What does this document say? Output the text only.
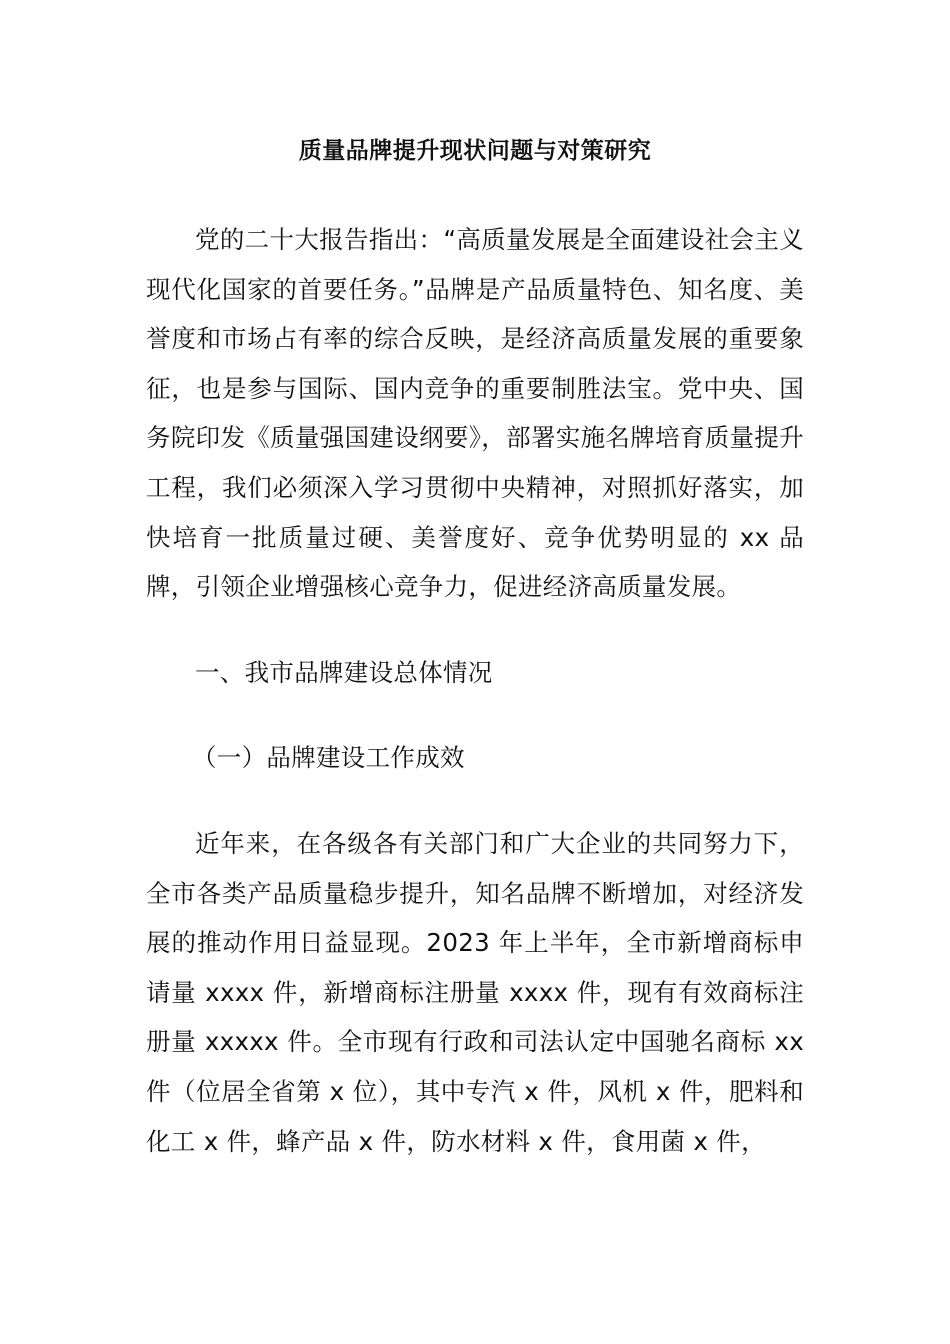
质量品牌提升现状问题与对策研究

党的二十大报告指出：“高质量发展是全面建设社会主义现代化国家的首要任务。”品牌是产品质量特色、知名度、美誉度和市场占有率的综合反映，是经济高质量发展的重要象征，也是参与国际、国内竞争的重要制胜法宝。党中央、国务院印发《质量强国建设纲要》，部署实施名牌培育质量提升工程，我们必须深入学习贯彻中央精神，对照抓好落实，加快培育一批质量过硬、美誉度好、竞争优势明显的 xx 品牌，引领企业增强核心竞争力，促进经济高质量发展。

一、我市品牌建设总体情况

（一）品牌建设工作成效

近年来，在各级各有关部门和广大企业的共同努力下，全市各类产品质量稳步提升，知名品牌不断增加，对经济发展的推动作用日益显现。2023 年上半年，全市新增商标申请量 xxxx 件，新增商标注册量 xxxx 件，现有有效商标注册量 xxxxx 件。全市现有行政和司法认定中国驰名商标 xx 件（位居全省第 x 位），其中专汽 x 件，风机 x 件，肥料和化工 x 件，蜂产品 x 件，防水材料 x 件，食用菌 x 件，
